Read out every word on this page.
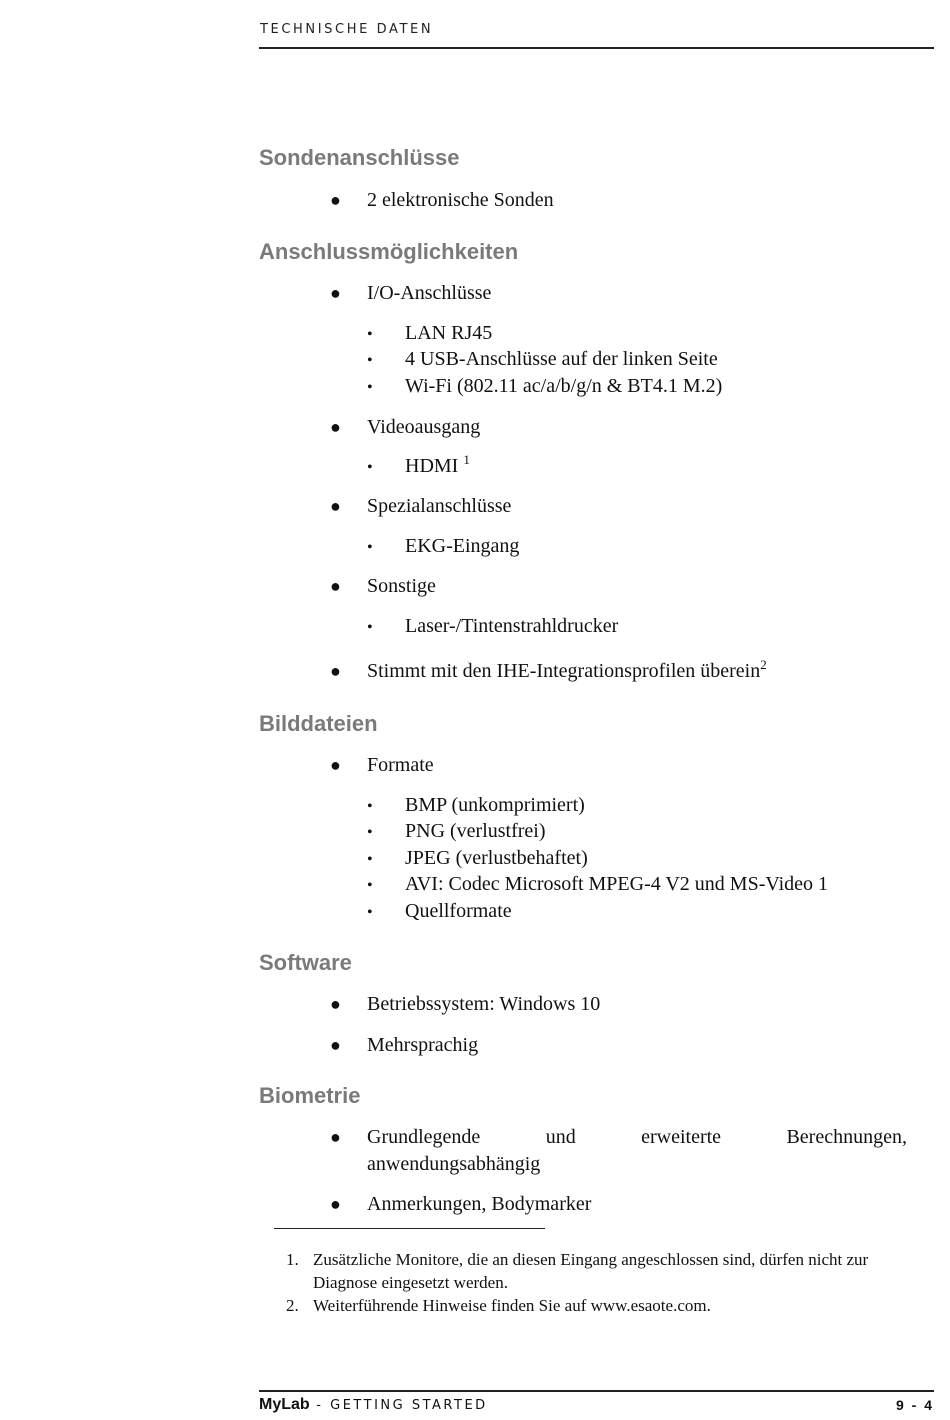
TECHNISCHE DATEN
Sondenanschlüsse
● 2 elektronische Sonden
Anschlussmöglichkeiten
● I/O-Anschlüsse
• LAN RJ45
• 4 USB-Anschlüsse auf der linken Seite
• Wi-Fi (802.11 ac/a/b/g/n & BT4.1 M.2)
● Videoausgang
• HDMI $^1$
● Spezialanschlüsse
• EKG-Eingang
● Sonstige
• Laser-/Tintenstrahldrucker
● Stimmt mit den IHE-Integrationsprofilen überein$^2$
Bilddateien
● Formate
• BMP (unkomprimiert)
• PNG (verlustfrei)
• JPEG (verlustbehaftet)
• AVI: Codec Microsoft MPEG-4 V2 und MS-Video 1
• Quellformate
Software
● Betriebssystem: Windows 10
● Mehrsprachig
Biometrie
●	Grundlegende	und	erweiterte	Berechnungen,
anwendungsabhängig
● Anmerkungen, Bodymarker
1. Zusätzliche Monitore, die an diesen Eingang angeschlossen sind, dürfen nicht zur Diagnose eingesetzt werden.
2. Weiterführende Hinweise finden Sie auf www.esaote.com.
MyLab - GETTING STARTED	9 - 4
